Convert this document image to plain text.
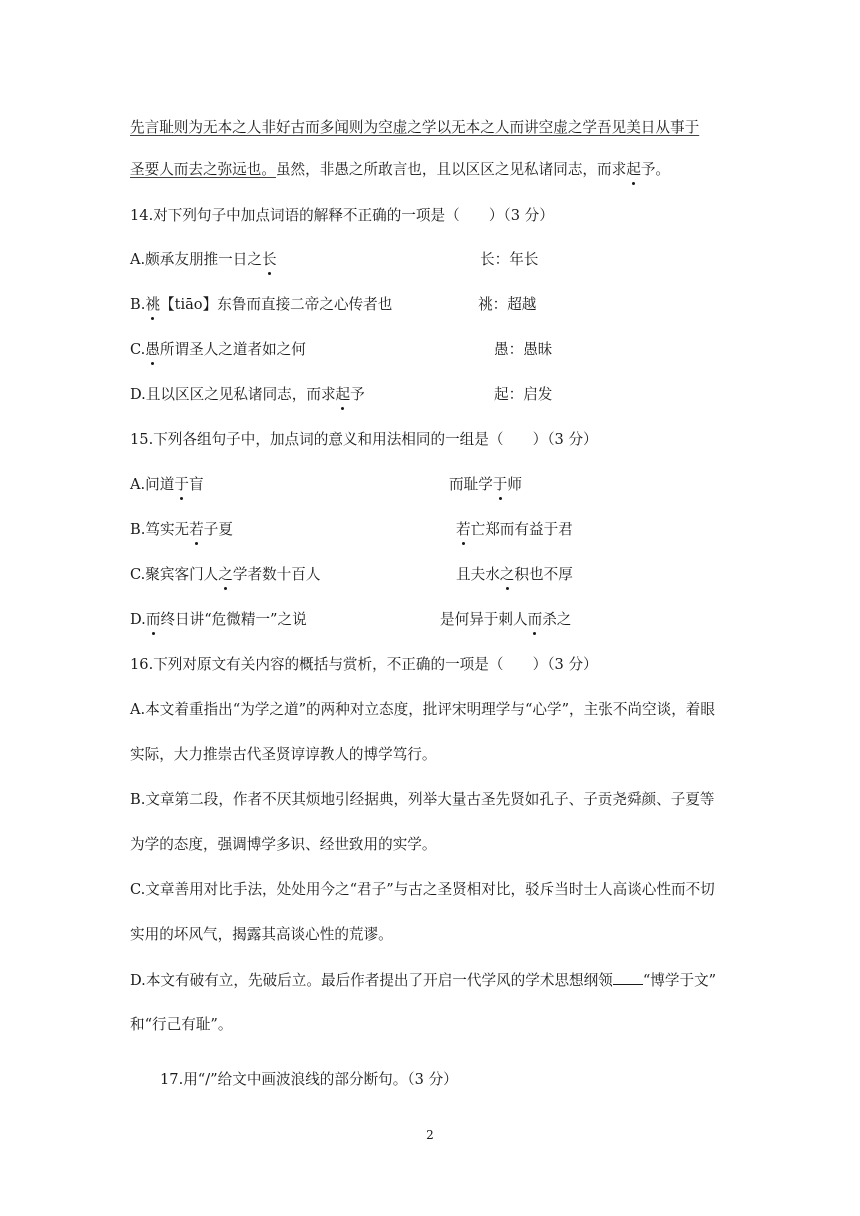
先言耻则为无本之人非好古而多闻则为空虚之学以无本之人而讲空虚之学吾见美日从事于
圣要人而去之弥远也。虽然，非愚之所敢言也，且以区区之见私诸同志，而求起予。
14.对下列句子中加点词语的解释不正确的一项是（　　）（3 分）
A.颇承友朋推一日之长	长：年长
B.祧【tiāo】东鲁而直接二帝之心传者也	祧：超越
C.愚所谓圣人之道者如之何	愚：愚昧
D.且以区区之见私诸同志，而求起予	起：启发
15.下列各组句子中，加点词的意义和用法相同的一组是（　　）（3 分）
A.问道于盲	而耻学于师
B.笃实无若子夏	若亡郑而有益于君
C.聚宾客门人之学者数十百人	且夫水之积也不厚
D.而终日讲“危微精一”之说	是何异于刺人而杀之
16.下列对原文有关内容的概括与赏析，不正确的一项是（　　）（3 分）
A.本文着重指出“为学之道”的两种对立态度，批评宋明理学与“心学”，主张不尚空谈，着眼
实际，大力推崇古代圣贤谆谆教人的博学笃行。
B.文章第二段，作者不厌其烦地引经据典，列举大量古圣先贤如孔子、子贡尧舜颜、子夏等
为学的态度，强调博学多识、经世致用的实学。
C.文章善用对比手法，处处用今之“君子”与古之圣贤相对比，驳斥当时士人高谈心性而不切
实用的坏风气，揭露其高谈心性的荒谬。
D.本文有破有立，先破后立。最后作者提出了开启一代学风的学术思想纲领 “博学于文”
和“行己有耻”。
17.用“/”给文中画波浪线的部分断句。（3 分）
2
